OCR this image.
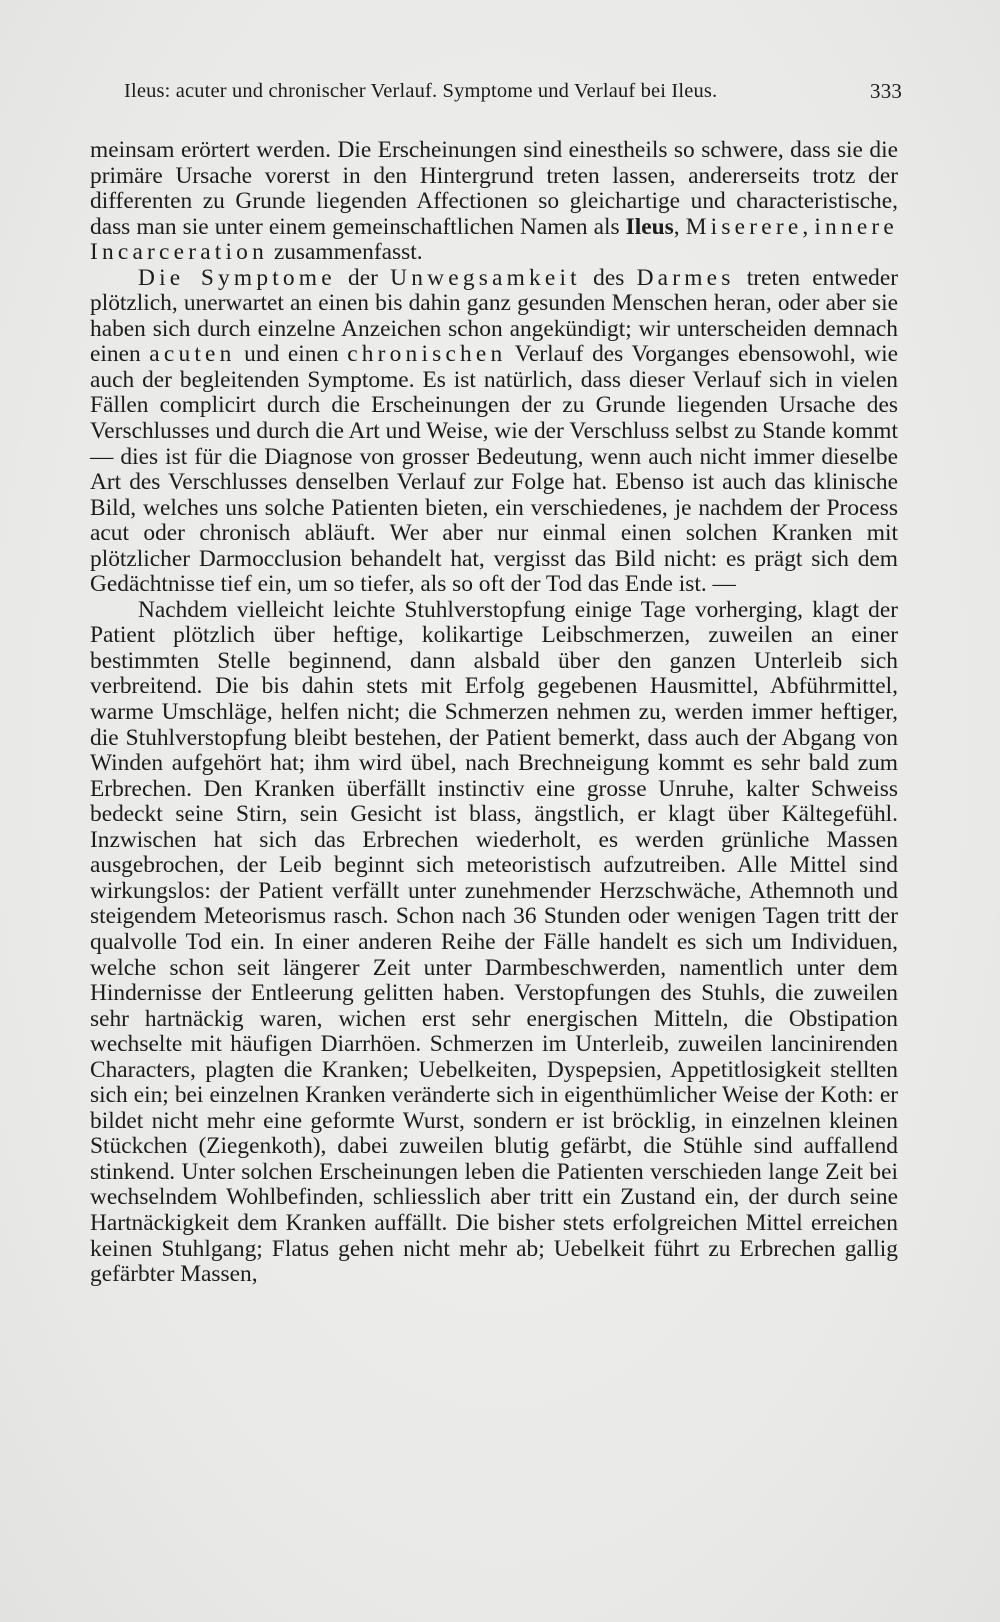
Ileus: acuter und chronischer Verlauf. Symptome und Verlauf bei Ileus.	333

meinsam erörtert werden. Die Erscheinungen sind einestheils so schwere, dass sie die primäre Ursache vorerst in den Hintergrund treten lassen, andererseits trotz der differenten zu Grunde liegenden Affectionen so gleichartige und characteristische, dass man sie unter einem gemeinschaftlichen Namen als Ileus, Miserere, innere Incarceration zusammenfasst.

Die Symptome der Unwegsamkeit des Darmes treten entweder plötzlich, unerwartet an einen bis dahin ganz gesunden Menschen heran, oder aber sie haben sich durch einzelne Anzeichen schon angekündigt; wir unterscheiden demnach einen acuten und einen chronischen Verlauf des Vorganges ebensowohl, wie auch der begleitenden Symptome. Es ist natürlich, dass dieser Verlauf sich in vielen Fällen complicirt durch die Erscheinungen der zu Grunde liegenden Ursache des Verschlusses und durch die Art und Weise, wie der Verschluss selbst zu Stande kommt — dies ist für die Diagnose von grosser Bedeutung, wenn auch nicht immer dieselbe Art des Verschlusses denselben Verlauf zur Folge hat. Ebenso ist auch das klinische Bild, welches uns solche Patienten bieten, ein verschiedenes, je nachdem der Process acut oder chronisch abläuft. Wer aber nur einmal einen solchen Kranken mit plötzlicher Darmocclusion behandelt hat, vergisst das Bild nicht: es prägt sich dem Gedächtnisse tief ein, um so tiefer, als so oft der Tod das Ende ist. —

Nachdem vielleicht leichte Stuhlverstopfung einige Tage vorherging, klagt der Patient plötzlich über heftige, kolikartige Leibschmerzen, zuweilen an einer bestimmten Stelle beginnend, dann alsbald über den ganzen Unterleib sich verbreitend. Die bis dahin stets mit Erfolg gegebenen Hausmittel, Abführmittel, warme Umschläge, helfen nicht; die Schmerzen nehmen zu, werden immer heftiger, die Stuhlverstopfung bleibt bestehen, der Patient bemerkt, dass auch der Abgang von Winden aufgehört hat; ihm wird übel, nach Brechneigung kommt es sehr bald zum Erbrechen. Den Kranken überfällt instinctiv eine grosse Unruhe, kalter Schweiss bedeckt seine Stirn, sein Gesicht ist blass, ängstlich, er klagt über Kältegefühl. Inzwischen hat sich das Erbrechen wiederholt, es werden grünliche Massen ausgebrochen, der Leib beginnt sich meteoristisch aufzutreiben. Alle Mittel sind wirkungslos: der Patient verfällt unter zunehmender Herzschwäche, Athemnoth und steigendem Meteorismus rasch. Schon nach 36 Stunden oder wenigen Tagen tritt der qualvolle Tod ein. In einer anderen Reihe der Fälle handelt es sich um Individuen, welche schon seit längerer Zeit unter Darmbeschwerden, namentlich unter dem Hindernisse der Entleerung gelitten haben. Verstopfungen des Stuhls, die zuweilen sehr hartnäckig waren, wichen erst sehr energischen Mitteln, die Obstipation wechselte mit häufigen Diarrhöen. Schmerzen im Unterleib, zuweilen lancinirenden Characters, plagten die Kranken; Uebelkeiten, Dyspepsien, Appetitlosigkeit stellten sich ein; bei einzelnen Kranken veränderte sich in eigenthümlicher Weise der Koth: er bildet nicht mehr eine geformte Wurst, sondern er ist bröcklig, in einzelnen kleinen Stückchen (Ziegenkoth), dabei zuweilen blutig gefärbt, die Stühle sind auffallend stinkend. Unter solchen Erscheinungen leben die Patienten verschieden lange Zeit bei wechselndem Wohlbefinden, schliesslich aber tritt ein Zustand ein, der durch seine Hartnäckigkeit dem Kranken auffällt. Die bisher stets erfolgreichen Mittel erreichen keinen Stuhlgang; Flatus gehen nicht mehr ab; Uebelkeit führt zu Erbrechen gallig gefärbter Massen,
